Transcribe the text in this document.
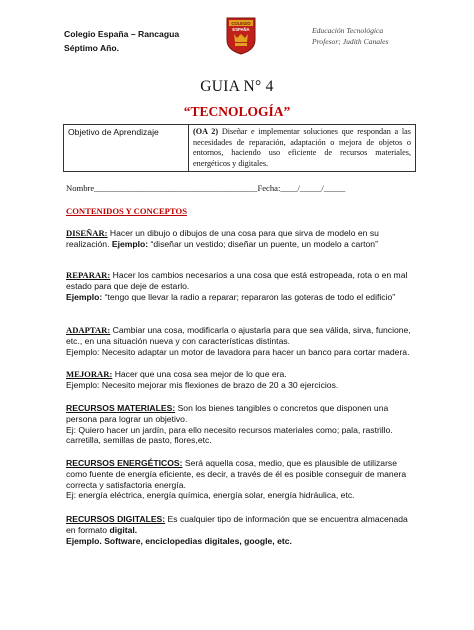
Colegio España – Rancagua
Séptimo Año.
COLEGIO
ESPAÑA	Educación Tecnológica
Profesor; Judith Canales
GUIA N° 4
“TECNOLOGÍA”
Objetivo de Aprendizaje	(OA 2) Diseñar e implementar soluciones que respondan a las necesidades de reparación, adaptación o mejora de objetos o entornos, haciendo uso eficiente de recursos materiales, energéticos y digitales.
Nombre______________________________________Fecha:____/_____/_____
CONTENIDOS Y CONCEPTOS
DISEÑAR: Hacer un dibujo o dibujos de una cosa para que sirva de modelo en su realización. Ejemplo: “diseñar un vestido; diseñar un puente, un modelo a carton”
REPARAR: Hacer los cambios necesarios a una cosa que está estropeada, rota o en mal estado para que deje de estarlo.
Ejemplo: “tengo que llevar la radio a reparar; repararon las goteras de todo el edificio”
ADAPTAR: Cambiar una cosa, modificarla o ajustarla para que sea válida, sirva, funcione, etc., en una situación nueva y con características distintas.
Ejemplo: Necesito adaptar un motor de lavadora para hacer un banco para cortar madera.
MEJORAR: Hacer que una cosa sea mejor de lo que era.
Ejemplo: Necesito mejorar mis flexiones de brazo de 20 a 30 ejercicios.
RECURSOS MATERIALES: Son los bienes tangibles o concretos que disponen una persona para lograr un objetivo.
Ej: Quiero hacer un jardín, para ello necesito recursos materiales como; pala, rastrillo. carretilla, semillas de pasto, flores,etc.
RECURSOS ENERGÉTICOS: Será aquella cosa, medio, que es plausible de utilizarse como fuente de energía eficiente, es decir, a través de él es posible conseguir de manera correcta y satisfactoria energía.
Ej: energía eléctrica, energía química, energía solar, energía hidráulica, etc.
RECURSOS DIGITALES: Es cualquier tipo de información que se encuentra almacenada en formato digital.
Ejemplo. Software, enciclopedias digitales, google, etc.
